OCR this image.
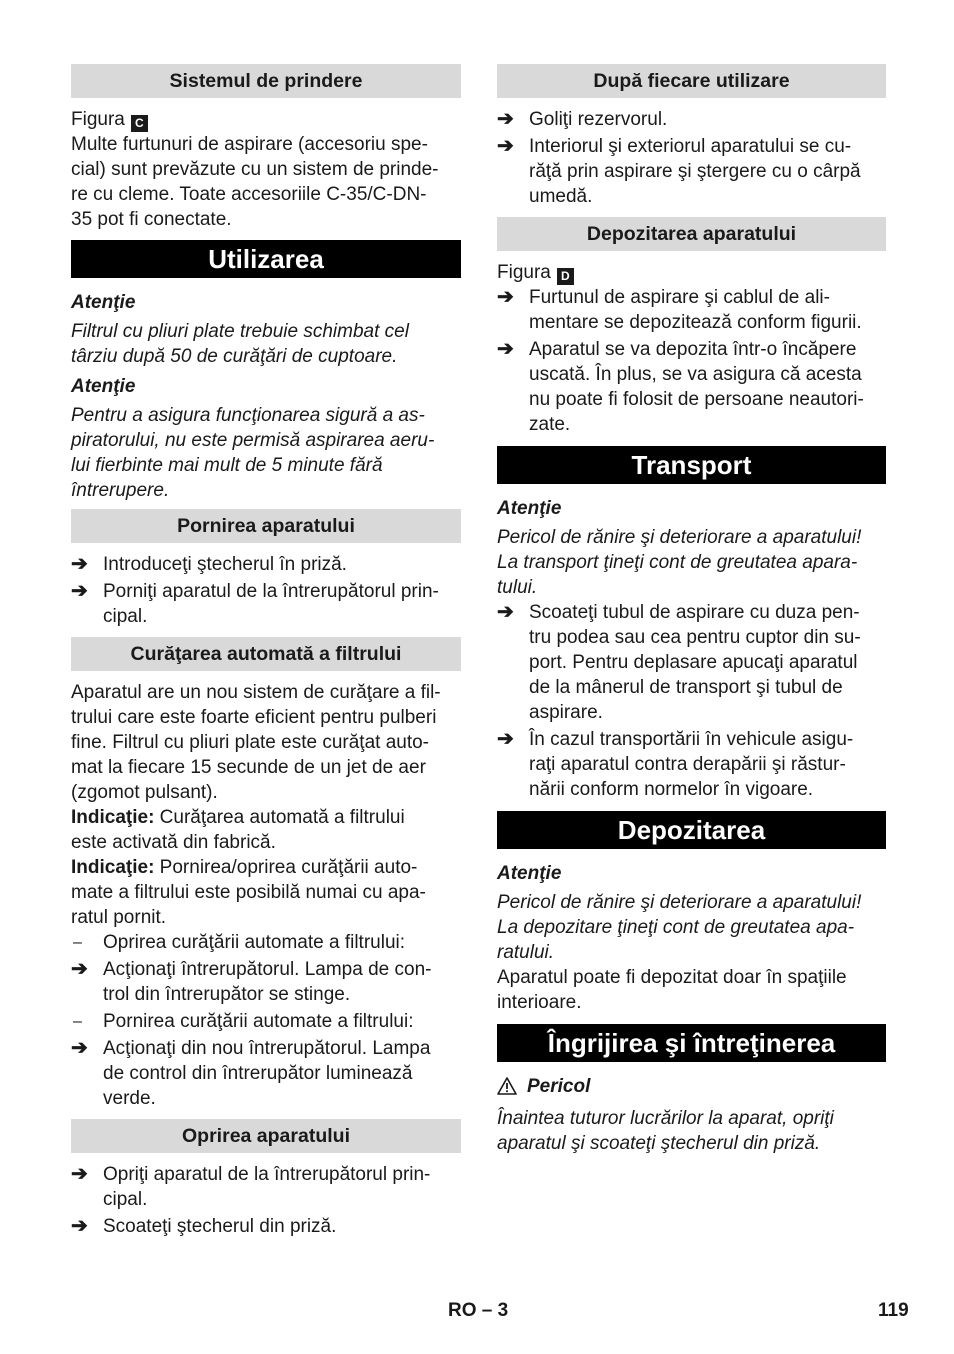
Sistemul de prindere

Figura C

Multe furtunuri de aspirare (accesoriu spe-
cial) sunt prevăzute cu un sistem de prinde-
re cu cleme. Toate accesoriile C-35/C-DN-
35 pot fi conectate.

Utilizarea

Atenţie

Filtrul cu pliuri plate trebuie schimbat cel
târziu după 50 de curăţări de cuptoare.

Atenţie

Pentru a asigura funcţionarea sigură a as-
piratorului, nu este permisă aspirarea aeru-
lui fierbinte mai mult de 5 minute fără
întrerupere.

Pornirea aparatului
➔ Introduceţi ştecherul în priză.
➔ Porniţi aparatul de la întrerupătorul prin-
cipal.
Curăţarea automată a filtrului

Aparatul are un nou sistem de curăţare a fil-
trului care este foarte eficient pentru pulberi
fine. Filtrul cu pliuri plate este curăţat auto-
mat la fiecare 15 secunde de un jet de aer
(zgomot pulsant).

Indicaţie: Curăţarea automată a filtrului
este activată din fabrică.

Indicaţie: Pornirea/oprirea curăţării auto-
mate a filtrului este posibilă numai cu apa-
ratul pornit.

–	Oprirea curăţării automate a filtrului:
➔ Acţionaţi întrerupătorul. Lampa de con-
trol din întrerupător se stinge.
–	Pornirea curăţării automate a filtrului:
➔ Acţionaţi din nou întrerupătorul. Lampa
de control din întrerupător luminează
verde.
Oprirea aparatului
➔ Opriţi aparatul de la întrerupătorul prin-
cipal.
➔ Scoateţi ştecherul din priză.
După fiecare utilizare
➔ Goliţi rezervorul.
➔ Interiorul şi exteriorul aparatului se cu-
răţă prin aspirare şi ştergere cu o cârpă
umedă.
Depozitarea aparatului

Figura D

➔ Furtunul de aspirare şi cablul de ali-
mentare se depozitează conform figurii.
➔ Aparatul se va depozita într-o încăpere
uscată. În plus, se va asigura că acesta
nu poate fi folosit de persoane neautori-
zate.
Transport

Atenţie

Pericol de rănire şi deteriorare a aparatului!
La transport ţineţi cont de greutatea apara-
tului.

➔ Scoateţi tubul de aspirare cu duza pen-
tru podea sau cea pentru cuptor din su-
port. Pentru deplasare apucaţi aparatul
de la mânerul de transport şi tubul de
aspirare.
➔ În cazul transportării în vehicule asigu-
raţi aparatul contra derapării şi răstur-
nării conform normelor în vigoare.
Depozitarea

Atenţie

Pericol de rănire şi deteriorare a aparatului!
La depozitare ţineţi cont de greutatea apa-
ratului.

Aparatul poate fi depozitat doar în spaţiile
interioare.

Îngrijirea şi întreţinerea

Pericol

Înaintea tuturor lucrărilor la aparat, opriţi
aparatul şi scoateţi ştecherul din priză.

RO – 3	119
